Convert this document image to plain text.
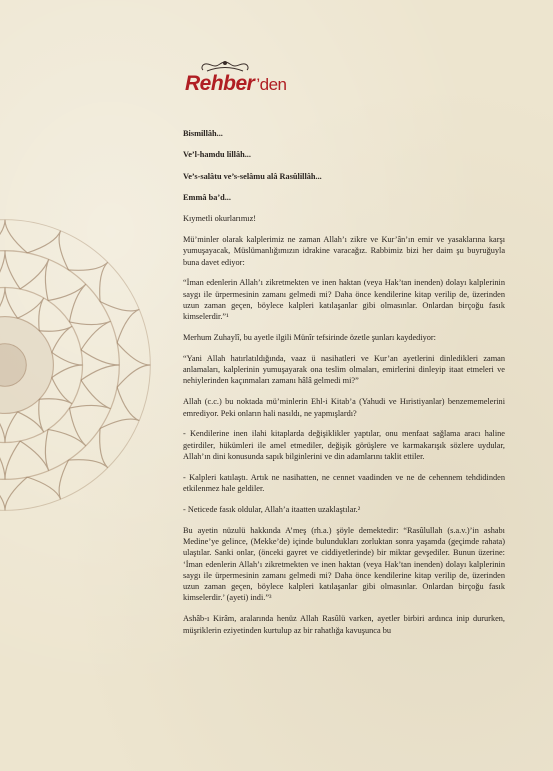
Rehber ’den

Bismillâh...

Ve’l-hamdu lillâh...

Ve’s-salâtu ve’s-selâmu alâ Rasûlillâh...

Emmâ ba’d...

Kıymetli okurlarımız!

Mü’minler olarak kalplerimiz ne zaman Allah’ı zikre ve Kur’ân’ın emir ve yasaklarına karşı yumuşayacak, Müslümanlığımızın idrakine varacağız. Rabbimiz bizi her daim şu buyruğuyla buna davet ediyor:

“İman edenlerin Allah’ı zikretmekten ve inen haktan (veya Hak’tan inenden) dolayı kalplerinin saygı ile ürpermesinin zamanı gelmedi mi? Daha önce kendilerine kitap verilip de, üzerinden uzun zaman geçen, böylece kalpleri katılaşanlar gibi olmasınlar. Onlardan birçoğu fasık kimselerdir.”¹

Merhum Zuhaylî, bu ayetle ilgili Münîr tefsirinde özetle şunları kaydediyor:

“Yani Allah hatırlatıldığında, vaaz ü nasihatleri ve Kur’an ayetlerini dinledikleri zaman anlamaları, kalplerinin yumuşayarak ona teslim olmaları, emirlerini dinleyip itaat etmeleri ve nehiylerinden kaçınmaları zamanı hâlâ gelmedi mi?”

Allah (c.c.) bu noktada mü’minlerin Ehl-i Kitab’a (Yahudi ve Hıristiyanlar) benzememelerini emrediyor. Peki onların hali nasıldı, ne yapmışlardı?

- Kendilerine inen ilahi kitaplarda değişiklikler yaptılar, onu menfaat sağlama aracı haline getirdiler, hükümleri ile amel etmediler, değişik görüşlere ve karmakarışık sözlere uydular, Allah’ın dini konusunda sapık bilginlerini ve din adamlarını taklit ettiler.

- Kalpleri katılaştı. Artık ne nasihatten, ne cennet vaadinden ve ne de cehennem tehdidinden etkilenmez hale geldiler.

- Neticede fasık oldular, Allah’a itaatten uzaklaştılar.²

Bu ayetin nüzulü hakkında A’meş (rh.a.) şöyle demektedir: “Rasûlullah (s.a.v.)’in ashabı Medine’ye gelince, (Mekke’de) içinde bulundukları zorluktan sonra yaşamda (geçimde rahata) ulaştılar. Sanki onlar, (önceki gayret ve ciddiyetlerinde) bir miktar gevşediler. Bunun üzerine: ‘İman edenlerin Allah’ı zikretmekten ve inen haktan (veya Hak’tan inenden) dolayı kalplerinin saygı ile ürpermesinin zamanı gelmedi mi? Daha önce kendilerine kitap verilip de, üzerinden uzun zaman geçen, böylece kalpleri katılaşanlar gibi olmasınlar. Onlardan birçoğu fasık kimselerdir.’ (ayeti) indi.”³

Ashâb-ı Kirâm, aralarında henüz Allah Rasûlü varken, ayetler birbiri ardınca inip dururken, müşriklerin eziyetinden kurtulup az bir rahatlığa kavuşunca bu
